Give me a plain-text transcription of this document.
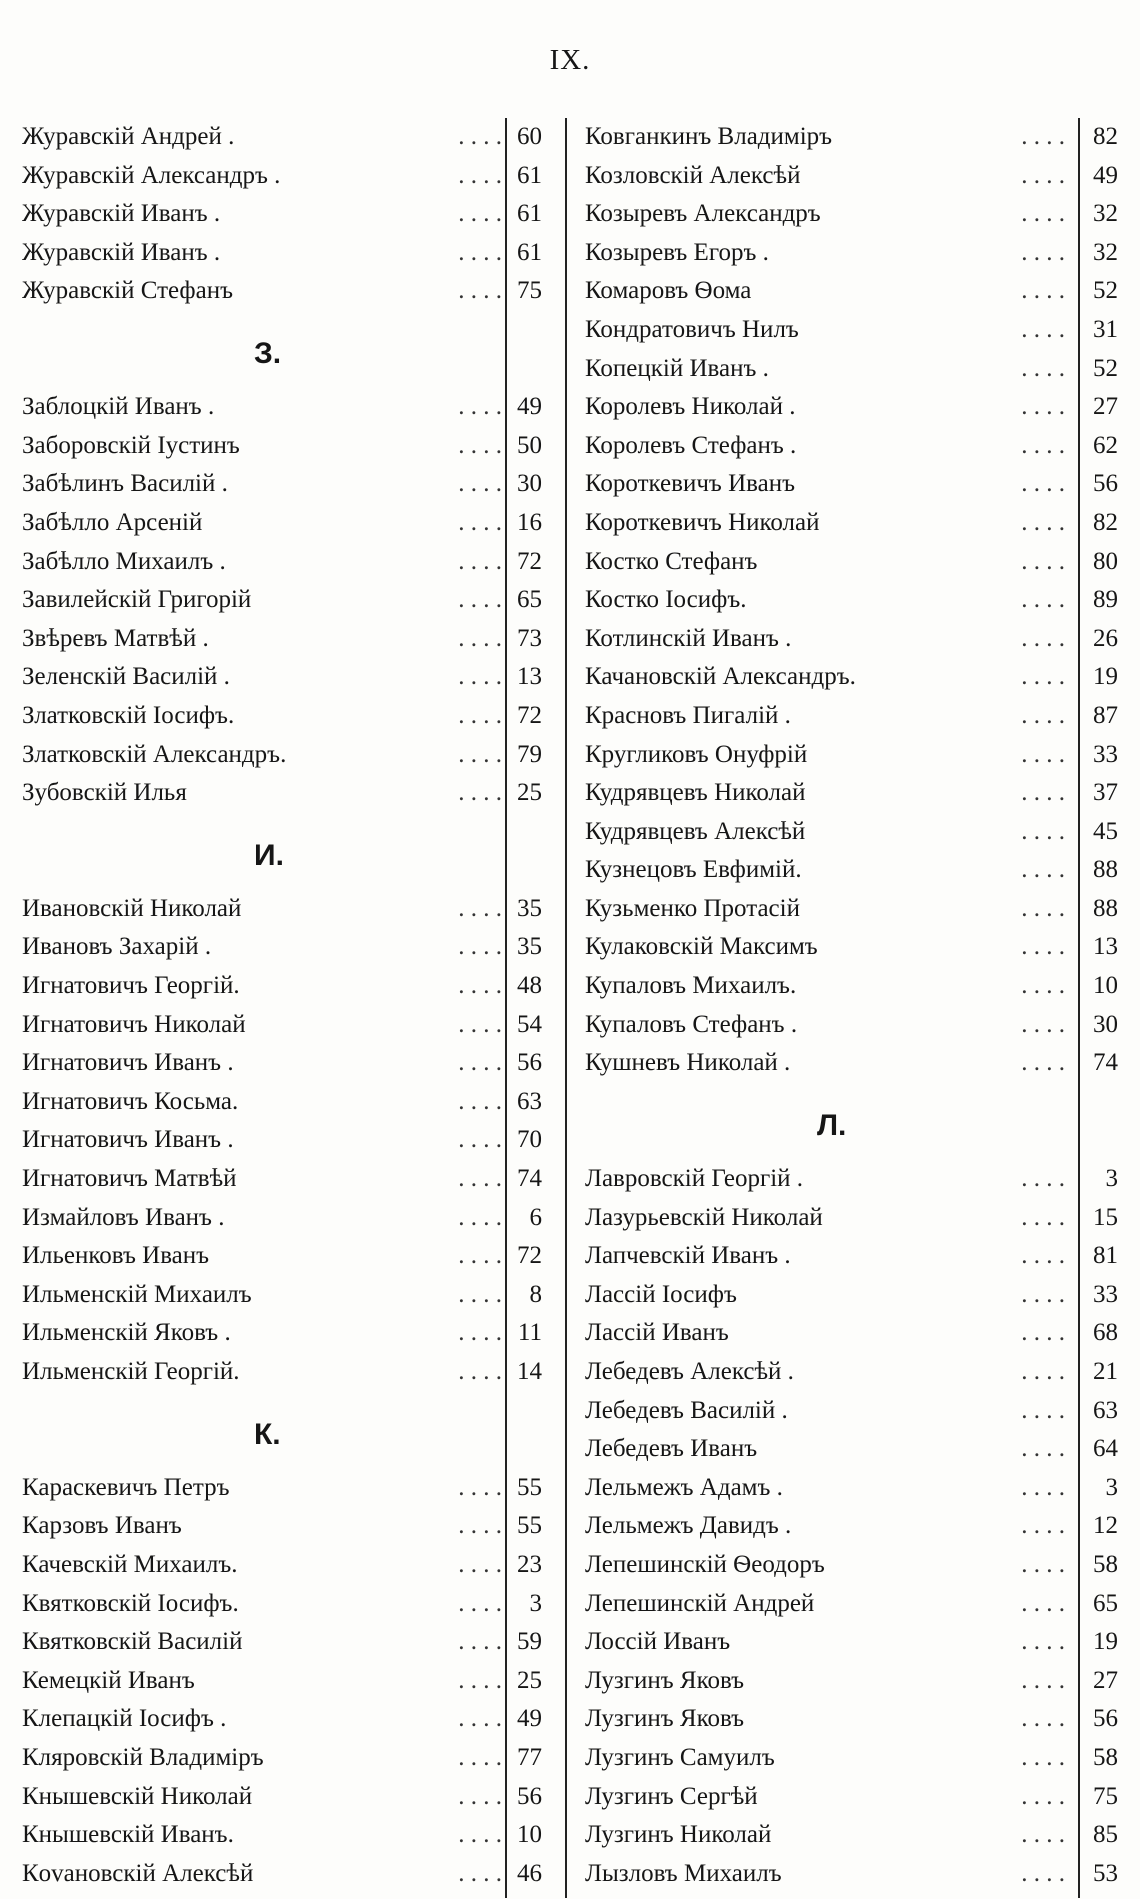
IX.
. . . .
Журавскій Андрей .	60
. . . .
Журавскій Александръ .	61
. . . .
Журавскій Иванъ .	61
. . . .
Журавскій Иванъ .	61
. . . .
Журавскій Стефанъ	75
З.
. . . .
Заблоцкій Иванъ .	49
. . . .
Заборовскій Іустинъ	50
. . . .
Забѣлинъ Василій .	30
. . . .
Забѣлло Арсеній	16
. . . .
Забѣлло Михаилъ .	72
. . . .
Завилейскій Григорій	65
. . . .
Звѣревъ Матвѣй .	73
. . . .
Зеленскій Василій .	13
. . . .
Златковскій Іосифъ.	72
. . . .
Златковскій Александръ.	79
. . . .
Зубовскій Илья	25
И.
. . . .
Ивановскій Николай	35
. . . .
Ивановъ Захарій .	35
. . . .
Игнатовичъ Георгій.	48
. . . .
Игнатовичъ Николай	54
. . . .
Игнатовичъ Иванъ .	56
. . . .
Игнатовичъ Косьма.	63
. . . .
Игнатовичъ Иванъ .	70
. . . .
Игнатовичъ Матвѣй	74
. . . .
Измайловъ Иванъ .	6
. . . .
Ильенковъ Иванъ	72
. . . .
Ильменскій Михаилъ	8
. . . .
Ильменскій Яковъ .	11
. . . .
Ильменскій Георгій.	14
К.
. . . .
Караскевичъ Петръ	55
. . . .
Карзовъ Иванъ	55
. . . .
Качевскій Михаилъ.	23
. . . .
Квятковскій Іосифъ.	3
. . . .
Квятковскій Василій	59
. . . .
Кемецкій Иванъ	25
. . . .
Клепацкій Іосифъ .	49
. . . .
Кляровскій Владиміръ	77
. . . .
Кнышевскій Николай	56
. . . .
Кнышевскій Иванъ.	10
. . . .
Кovановскій Алексѣй	46
. . . .
Ковганкинъ Владиміръ	82
. . . .
Козловскій Алексѣй	49
. . . .
Козыревъ Александръ	32
. . . .
Козыревъ Егоръ .	32
. . . .
Комаровъ Ѳома	52
. . . .
Кондратовичъ Нилъ	31
. . . .
Копецкій Иванъ .	52
. . . .
Королевъ Николай .	27
. . . .
Королевъ Стефанъ .	62
. . . .
Короткевичъ Иванъ	56
. . . .
Короткевичъ Николай	82
. . . .
Костко Стефанъ	80
. . . .
Костко Іосифъ.	89
. . . .
Котлинскій Иванъ .	26
. . . .
Качановскій Александръ.	19
. . . .
Красновъ Пигалій .	87
. . . .
Кругликовъ Онуфрій	33
. . . .
Кудрявцевъ Николай	37
. . . .
Кудрявцевъ Алексѣй	45
. . . .
Кузнецовъ Евфимій.	88
. . . .
Кузьменко Протасій	88
. . . .
Кулаковскій Максимъ	13
. . . .
Купаловъ Михаилъ.	10
. . . .
Купаловъ Стефанъ .	30
. . . .
Кушневъ Николай .	74
Л.
. . . .
Лавровскій Георгій .	3
. . . .
Лазурьевскій Николай	15
. . . .
Лапчевскій Иванъ .	81
. . . .
Лассій Іосифъ	33
. . . .
Лассій Иванъ	68
. . . .
Лебедевъ Алексѣй .	21
. . . .
Лебедевъ Василій .	63
. . . .
Лебедевъ Иванъ	64
. . . .
Лельмежъ Адамъ .	3
. . . .
Лельмежъ Давидъ .	12
. . . .
Лепешинскій Ѳеодоръ	58
. . . .
Лепешинскій Андрей	65
. . . .
Лоссій Иванъ	19
. . . .
Лузгинъ Яковъ	27
. . . .
Лузгинъ Яковъ	56
. . . .
Лузгинъ Самуилъ	58
. . . .
Лузгинъ Сергѣй	75
. . . .
Лузгинъ Николай	85
. . . .
Лызловъ Михаилъ	53
